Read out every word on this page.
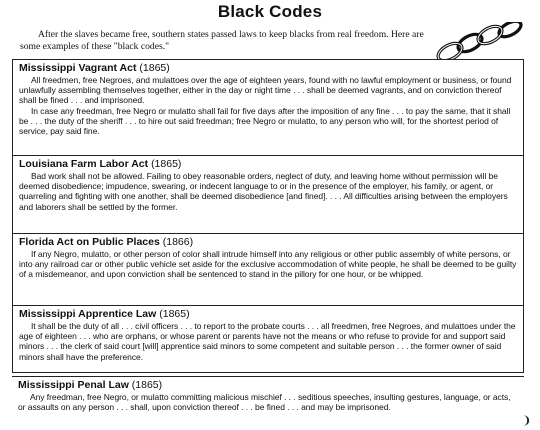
Black Codes
After the slaves became free, southern states passed laws to keep blacks from real freedom. Here are some examples of these "black codes."
Mississippi Vagrant Act (1865)

All freedmen, free Negroes, and mulattoes over the age of eighteen years, found with no lawful employment or business, or found unlawfully assembling themselves together, either in the day or night time . . . shall be deemed vagrants, and on conviction thereof shall be fined . . . and imprisoned.

In case any freedman, free Negro or mulatto shall fail for five days after the imposition of any fine . . . to pay the same, that it shall be . . . the duty of the sheriff . . . to hire out said freedman; free Negro or mulatto, to any person who will, for the shortest period of service, pay said fine.

Louisiana Farm Labor Act (1865)

Bad work shall not be allowed. Failing to obey reasonable orders, neglect of duty, and leaving home without permission will be deemed disobedience; impudence, swearing, or indecent language to or in the presence of the employer, his family, or agent, or quarreling and fighting with one another, shall be deemed disobedience [and fined]. . . . All difficulties arising between the employers and laborers shall be settled by the former.

Florida Act on Public Places (1866)

If any Negro, mulatto, or other person of color shall intrude himself into any religious or other public assembly of white persons, or into any railroad car or other public vehicle set aside for the exclusive accommodation of white people, he shall be deemed to be guilty of a misdemeanor, and upon conviction shall be sentenced to stand in the pillory for one hour, or be whipped.

Mississippi Apprentice Law (1865)

It shall be the duty of all . . . civil officers . . . to report to the probate courts . . . all freedmen, free Negroes, and mulattoes under the age of eighteen . . . who are orphans, or whose parent or parents have not the means or who refuse to provide for and support said minors . . . the clerk of said court [will] apprentice said minors to some competent and suitable person . . . the former owner of said minors shall have the preference.

Mississippi Penal Law (1865)

Any freedman, free Negro, or mulatto committing malicious mischief . . . seditious speeches, insulting gestures, language, or acts, or assaults on any person . . . shall, upon conviction thereof . . . be fined . . . and may be imprisoned.

❩
